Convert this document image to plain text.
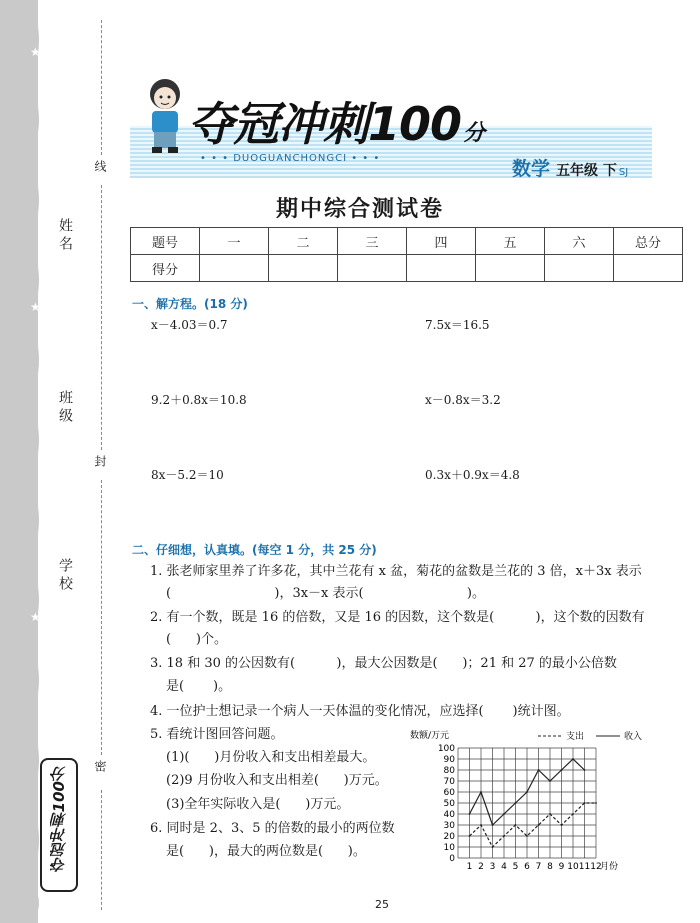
★
★
★
姓名
班级
学校
线
封
密
夺冠冲刺100分
夺冠冲刺100分
• • • DUOGUANCHONGCI • • •	数学 五年级 下 SJ
期中综合测试卷
题号	一	二	三	四	五	六	总分
得分							
一、解方程。(18 分)
x－4.03＝0.7	7.5x＝16.5
9.2＋0.8x＝10.8	x－0.8x＝3.2
8x－5.2＝10	0.3x＋0.9x＝4.8
二、仔细想，认真填。(每空 1 分，共 25 分)
1. 张老师家里养了许多花，其中兰花有 x 盆，菊花的盆数是兰花的 3 倍，x＋3x 表示
(                         )，3x－x 表示(                         )。
2. 有一个数，既是 16 的倍数，又是 16 的因数，这个数是(          )，这个数的因数有
(      )个。
3. 18 和 30 的公因数有(          )，最大公因数是(      )；21 和 27 的最小公倍数
是(       )。
4. 一位护士想记录一个病人一天体温的变化情况，应选择(       )统计图。
5. 看统计图回答问题。
(1)(      )月份收入和支出相差最大。
(2)9 月份收入和支出相差(      )万元。
(3)全年实际收入是(      )万元。
6. 同时是 2、3、5 的倍数的最小的两位数
是(      )，最大的两位数是(      )。	0
10
20
30
40
50
60
70
80
90
100
1 2 3 4 5 6 7 8 9 10 11 12
数额/万元
月份
支出	收入
25
